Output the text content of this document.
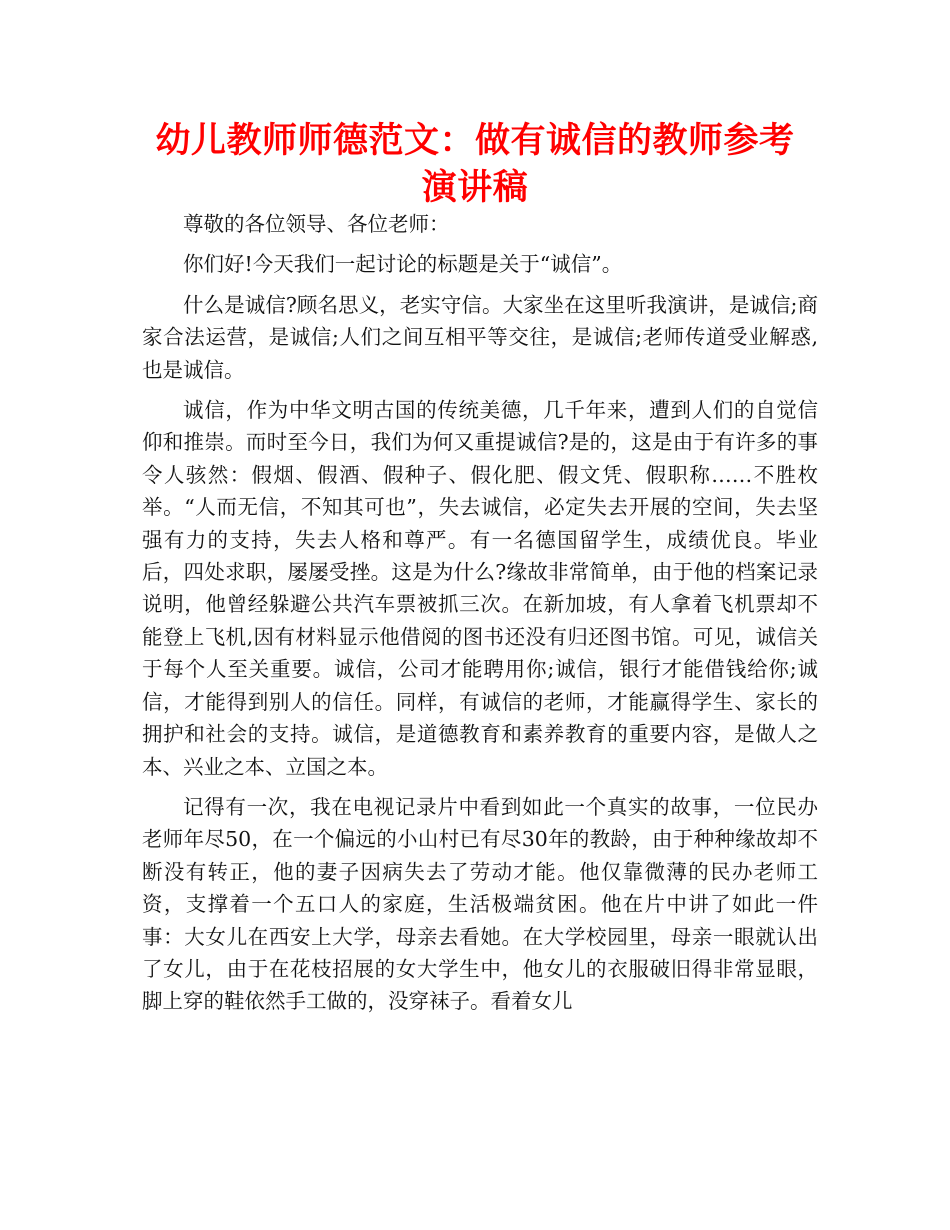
幼儿教师师德范文：做有诚信的教师参考演讲稿

尊敬的各位领导、各位老师：

你们好!今天我们一起讨论的标题是关于“诚信”。

什么是诚信?顾名思义，老实守信。大家坐在这里听我演讲，是诚信;商家合法运营，是诚信;人们之间互相平等交往，是诚信;老师传道受业解惑,也是诚信。

诚信，作为中华文明古国的传统美德，几千年来，遭到人们的自觉信仰和推崇。而时至今日，我们为何又重提诚信?是的，这是由于有许多的事令人骇然：假烟、假酒、假种子、假化肥、假文凭、假职称……不胜枚举。“人而无信，不知其可也”，失去诚信，必定失去开展的空间，失去坚强有力的支持，失去人格和尊严。有一名德国留学生，成绩优良。毕业后，四处求职，屡屡受挫。这是为什么?缘故非常简单，由于他的档案记录说明，他曾经躲避公共汽车票被抓三次。在新加坡，有人拿着飞机票却不能登上飞机,因有材料显示他借阅的图书还没有归还图书馆。可见，诚信关于每个人至关重要。诚信，公司才能聘用你;诚信，银行才能借钱给你;诚信，才能得到别人的信任。同样，有诚信的老师，才能赢得学生、家长的拥护和社会的支持。诚信，是道德教育和素养教育的重要内容，是做人之本、兴业之本、立国之本。

记得有一次，我在电视记录片中看到如此一个真实的故事，一位民办老师年尽50，在一个偏远的小山村已有尽30年的教龄，由于种种缘故却不断没有转正，他的妻子因病失去了劳动才能。他仅靠微薄的民办老师工资，支撑着一个五口人的家庭，生活极端贫困。他在片中讲了如此一件事：大女儿在西安上大学，母亲去看她。在大学校园里，母亲一眼就认出了女儿，由于在花枝招展的女大学生中，他女儿的衣服破旧得非常显眼，脚上穿的鞋依然手工做的，没穿袜子。看着女儿
